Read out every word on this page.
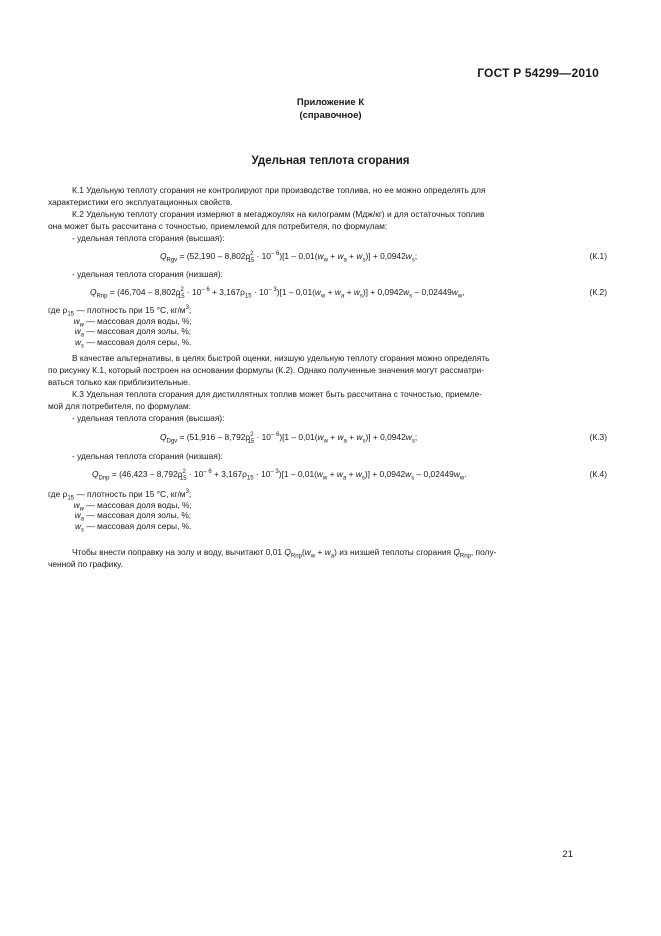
ГОСТ Р 54299—2010
Приложение К
(справочное)
Удельная теплота сгорания
К.1 Удельную теплоту сгорания не контролируют при производстве топлива, но ее можно определять для
характеристики его эксплуатационных свойств.
К.2 Удельную теплоту сгорания измеряют в мегаджоулях на килограмм (Мдж/кг) и для остаточных топлив
она может быть рассчитана с точностью, приемлемой для потребителя, по формулам:
- удельная теплота сгорания (высшая):
$Q_{Rgv} = (52,190 - 8,802\rho^2_{15} \cdot 10^{- 6})[1 - 0,01(w_w + w_a + w_s)] + 0,0942w_s$;	(К.1)
- удельная теплота сгорания (низшая):
$Q_{Rnp} = (46,704 - 8,802\rho^2_{15} \cdot 10^{- 6} + 3,167\rho_{15} \cdot 10^{- 3})[1 - 0,01(w_w + w_a + w_s)] + 0,0942w_s - 0,02449w_w$,	(К.2)
где $\rho_{15}$ — плотность при 15 °С, $кг/м^3$;
$w_w$ — массовая доля воды, %;
$w_a$ — массовая доля золы, %;
$w_s$ — массовая доля серы, %.
В качестве альтернативы, в целях быстрой оценки, низшую удельную теплоту сгорания можно определять
по рисунку К.1, который построен на основании формулы (К.2). Однако полученные значения могут рассматри-
ваться только как приблизительные.
К.3 Удельная теплота сгорания для дистиллятных топлив может быть рассчитана с точностью, приемле-
мой для потребителя, по формулам:
- удельная теплота сгорания (высшая):
$Q_{Dgv} = (51,916 - 8,792\rho^2_{15} \cdot 10^{- 6})[1 - 0,01(w_w + w_a + w_s)] + 0,0942w_s$;	(К.3)
- удельная теплота сгорания (низшая):
$Q_{Dnp} = (46,423 - 8,792\rho^2_{15} \cdot 10^{- 6} + 3,167\rho_{15} \cdot 10^{- 3})[1 - 0,01(w_w + w_a + w_s)] + 0,0942w_s - 0,02449w_w$.	(К.4)
где $\rho_{15}$ — плотность при 15 °С, $кг/м^3$;
$w_w$ — массовая доля воды, %;
$w_a$ — массовая доля золы, %;
$w_s$ — массовая доля серы, %.
Чтобы внести поправку на золу и воду, вычитают 0,01 $Q_{Rnp}(w_w + w_a)$ из низшей теплоты сгорания $Q_{Rnp}$, полу-
ченной по графику.
21
